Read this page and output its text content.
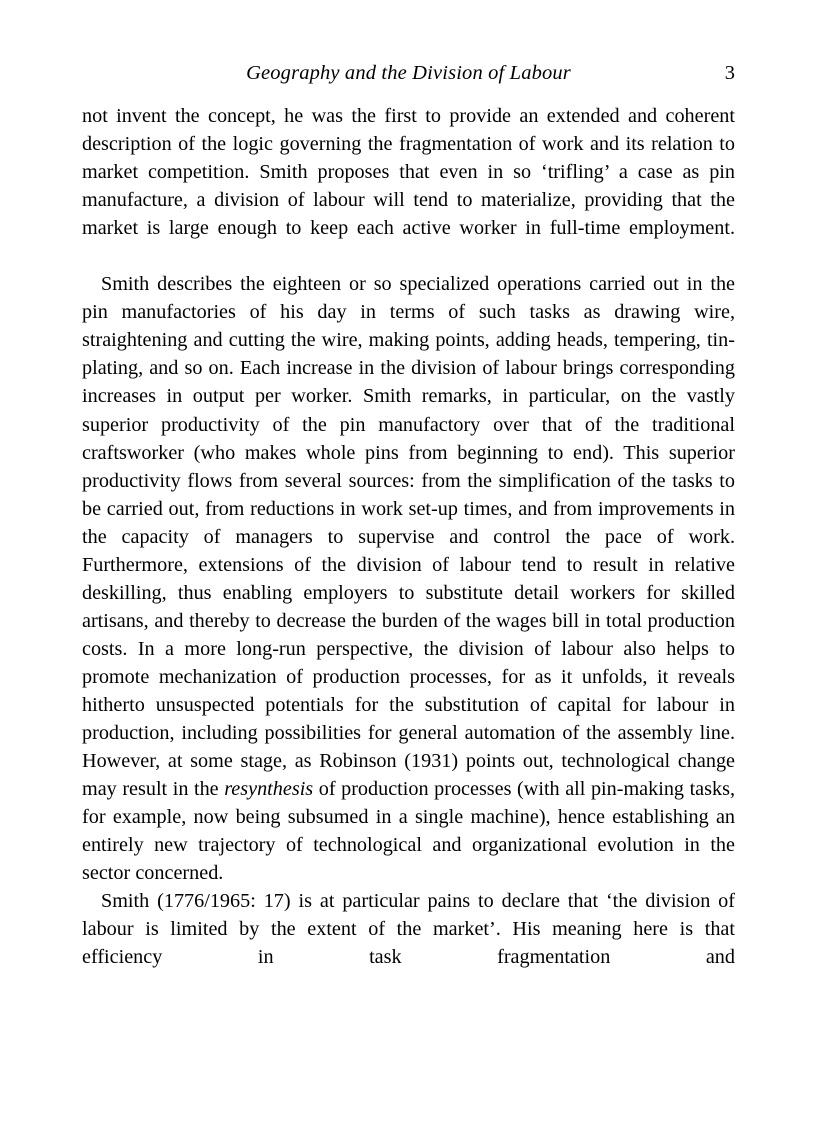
Geography and the Division of Labour	3

not invent the concept, he was the first to provide an extended and coherent description of the logic governing the fragmentation of work and its relation to market competition. Smith proposes that even in so ‘trifling’ a case as pin manufacture, a division of labour will tend to materialize, providing that the market is large enough to keep each active worker in full-time employment.

Smith describes the eighteen or so specialized operations carried out in the pin manufactories of his day in terms of such tasks as drawing wire, straightening and cutting the wire, making points, adding heads, tempering, tin-plating, and so on. Each increase in the division of labour brings corresponding increases in output per worker. Smith remarks, in particular, on the vastly superior productivity of the pin manufactory over that of the traditional craftsworker (who makes whole pins from beginning to end). This superior productivity flows from several sources: from the simplification of the tasks to be carried out, from reductions in work set-up times, and from improvements in the capacity of managers to supervise and control the pace of work. Furthermore, extensions of the division of labour tend to result in relative deskilling, thus enabling employers to substitute detail workers for skilled artisans, and thereby to decrease the burden of the wages bill in total production costs. In a more long-run perspective, the division of labour also helps to promote mechanization of production processes, for as it unfolds, it reveals hitherto unsuspected potentials for the substitution of capital for labour in production, including possibilities for general automation of the assembly line. However, at some stage, as Robinson (1931) points out, technological change may result in the resynthesis of production processes (with all pin-making tasks, for example, now being subsumed in a single machine), hence establishing an entirely new trajectory of technological and organizational evolution in the sector concerned.

Smith (1776/1965: 17) is at particular pains to declare that ‘the division of labour is limited by the extent of the market’. His meaning here is that efficiency in task fragmentation and
